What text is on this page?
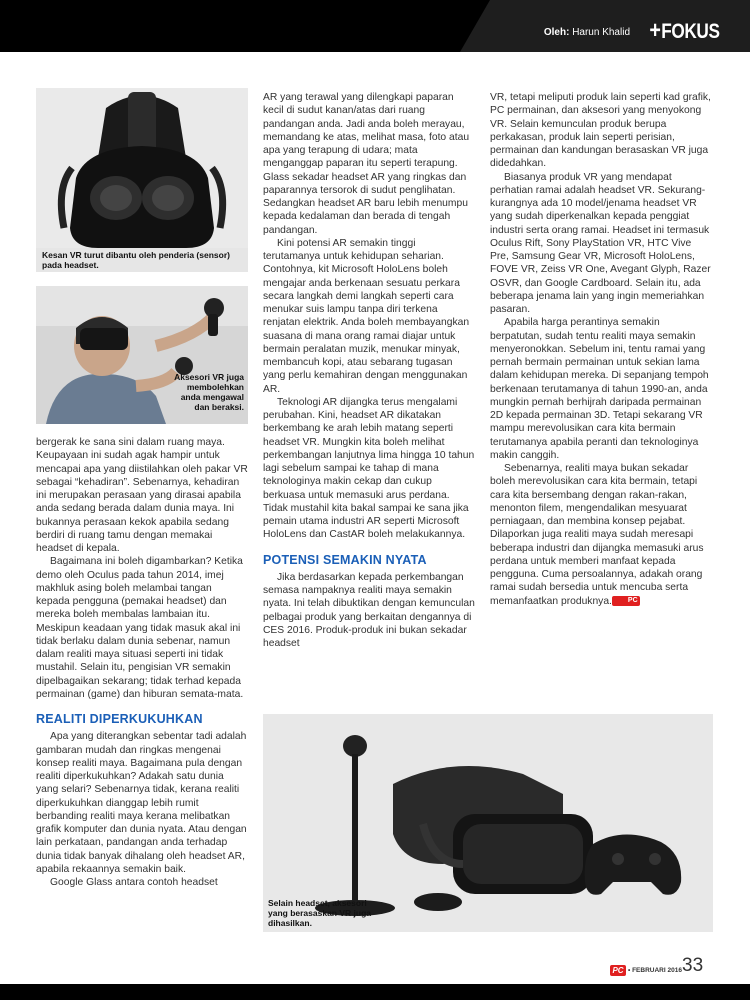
Oleh: Harun Khalid +FOKUS
Kesan VR turut dibantu oleh penderia (sensor) pada headset.
Aksesori VR juga membolehkan anda mengawal dan beraksi.

bergerak ke sana sini dalam ruang maya. Keupayaan ini sudah agak hampir untuk mencapai apa yang diistilahkan oleh pakar VR sebagai “kehadiran”. Sebenarnya, kehadiran ini merupakan perasaan yang dirasai apabila anda sedang berada dalam dunia maya. Ini bukannya perasaan kekok apabila sedang berdiri di ruang tamu dengan memakai headset di kepala.

Bagaimana ini boleh digambarkan? Ketika demo oleh Oculus pada tahun 2014, imej makhluk asing boleh melambai tangan kepada pengguna (pemakai headset) dan mereka boleh membalas lambaian itu. Meskipun keadaan yang tidak masuk akal ini tidak berlaku dalam dunia sebenar, namun dalam realiti maya situasi seperti ini tidak mustahil. Selain itu, pengisian VR semakin dipelbagaikan sekarang; tidak terhad kepada permainan (game) dan hiburan semata-mata.

REALITI DIPERKUKUHKAN

Apa yang diterangkan sebentar tadi adalah gambaran mudah dan ringkas mengenai konsep realiti maya. Bagaimana pula dengan realiti diperkukuhkan? Adakah satu dunia yang selari? Sebenarnya tidak, kerana realiti diperkukuhkan dianggap lebih rumit berbanding realiti maya kerana melibatkan grafik komputer dan dunia nyata. Atau dengan lain perkataan, pandangan anda terhadap dunia tidak banyak dihalang oleh headset AR, apabila rekaannya semakin baik.

Google Glass antara contoh headset

AR yang terawal yang dilengkapi paparan kecil di sudut kanan/atas dari ruang pandangan anda. Jadi anda boleh merayau, memandang ke atas, melihat masa, foto atau apa yang terapung di udara; mata menganggap paparan itu seperti terapung. Glass sekadar headset AR yang ringkas dan paparannya tersorok di sudut penglihatan. Sedangkan headset AR baru lebih menumpu kepada kedalaman dan berada di tengah pandangan.

Kini potensi AR semakin tinggi terutamanya untuk kehidupan seharian. Contohnya, kit Microsoft HoloLens boleh mengajar anda berkenaan sesuatu perkara secara langkah demi langkah seperti cara menukar suis lampu tanpa diri terkena renjatan elektrik. Anda boleh membayangkan suasana di mana orang ramai diajar untuk bermain peralatan muzik, menukar minyak, membancuh kopi, atau sebarang tugasan yang perlu kemahiran dengan menggunakan AR.

Teknologi AR dijangka terus mengalami perubahan. Kini, headset AR dikatakan berkembang ke arah lebih matang seperti headset VR. Mungkin kita boleh melihat perkembangan lanjutnya lima hingga 10 tahun lagi sebelum sampai ke tahap di mana teknologinya makin cekap dan cukup berkuasa untuk memasuki arus perdana. Tidak mustahil kita bakal sampai ke sana jika pemain utama industri AR seperti Microsoft HoloLens dan CastAR boleh melakukannya.

POTENSI SEMAKIN NYATA

Jika berdasarkan kepada perkembangan semasa nampaknya realiti maya semakin nyata. Ini telah dibuktikan dengan kemunculan pelbagai produk yang berkaitan dengannya di CES 2016. Produk-produk ini bukan sekadar headset

VR, tetapi meliputi produk lain seperti kad grafik, PC permainan, dan aksesori yang menyokong VR. Selain kemunculan produk berupa perkakasan, produk lain seperti perisian, permainan dan kandungan berasaskan VR juga didedahkan.

Biasanya produk VR yang mendapat perhatian ramai adalah headset VR. Sekurang-kurangnya ada 10 model/jenama headset VR yang sudah diperkenalkan kepada penggiat industri serta orang ramai. Headset ini termasuk Oculus Rift, Sony PlayStation VR, HTC Vive Pre, Samsung Gear VR, Microsoft HoloLens, FOVE VR, Zeiss VR One, Avegant Glyph, Razer OSVR, dan Google Cardboard. Selain itu, ada beberapa jenama lain yang ingin memeriahkan pasaran.

Apabila harga perantinya semakin berpatutan, sudah tentu realiti maya semakin menyeronokkan. Sebelum ini, tentu ramai yang pernah bermain permainan untuk sekian lama dalam kehidupan mereka. Di sepanjang tempoh berkenaan terutamanya di tahun 1990-an, anda mungkin pernah berhijrah daripada permainan 2D kepada permainan 3D. Tetapi sekarang VR mampu merevolusikan cara kita bermain terutamanya apabila peranti dan teknologinya makin canggih.

Sebenarnya, realiti maya bukan sekadar boleh merevolusikan cara kita bermain, tetapi cara kita bersembang dengan rakan-rakan, menonton filem, mengendalikan mesyuarat perniagaan, dan membina konsep pejabat. Dilaporkan juga realiti maya sudah meresapi beberapa industri dan dijangka memasuki arus perdana untuk memberi manfaat kepada pengguna. Cuma persoalannya, adakah orang ramai sudah bersedia untuk mencuba serta memanfaatkan produknya. PC

Selain headset, aksesori yang berasaskan VR juga dihasilkan.
PC • FEBRUARI 2016 33
